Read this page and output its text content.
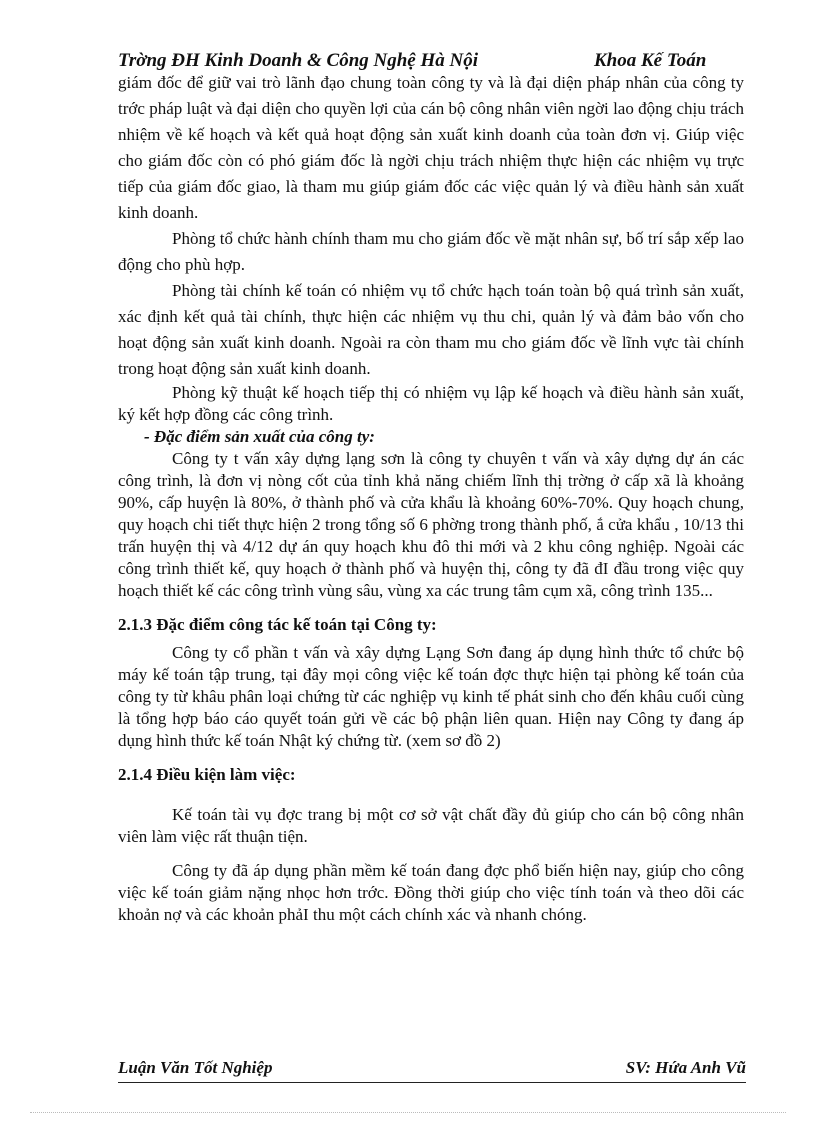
Trờng ĐH Kinh Doanh & Công Nghệ Hà Nội	Khoa Kế Toán

giám đốc để giữ vai trò lãnh đạo chung toàn công ty và là đại diện pháp nhân của công ty trớc pháp luật và đại diện cho quyền lợi của cán bộ công nhân viên ngời lao động chịu trách nhiệm về kế hoạch và kết quả hoạt động sản xuất kinh doanh của toàn đơn vị. Giúp việc cho giám đốc còn có phó giám đốc là ngời chịu trách nhiệm thực hiện các nhiệm vụ trực tiếp của giám đốc giao, là tham mu giúp giám đốc các việc quản lý và điều hành sản xuất kinh doanh.

Phòng tổ chức hành chính tham mu cho giám đốc về mặt nhân sự, bố trí sắp xếp lao động cho phù hợp.

Phòng tài chính kế toán có nhiệm vụ tổ chức hạch toán toàn bộ quá trình sản xuất, xác định kết quả tài chính, thực hiện các nhiệm vụ thu chi, quản lý và đảm bảo vốn cho hoạt động sản xuất kinh doanh. Ngoài ra còn tham mu cho giám đốc về lĩnh vực tài chính trong hoạt động sản xuất kinh doanh.

Phòng kỹ thuật kế hoạch tiếp thị có nhiệm vụ lập kế hoạch và điều hành sản xuất, ký kết hợp đồng các công trình.

- Đặc điểm sản xuất của công ty:

Công ty t vấn xây dựng lạng sơn là công ty chuyên t vấn và xây dựng dự án các công trình, là đơn vị nòng cốt của tỉnh khả năng chiếm lĩnh thị trờng ở cấp xã là khoảng 90%, cấp huyện là 80%, ở thành phố và cửa khẩu là khoảng 60%-70%. Quy hoạch chung, quy hoạch chi tiết thực hiện 2 trong tổng số 6 phờng trong thành phố, ắ cửa khẩu , 10/13 thi trấn huyện thị và 4/12 dự án quy hoạch khu đô thi mới và 2 khu công nghiệp. Ngoài các công trình thiết kế, quy hoạch ở thành phố và huyện thị, công ty đã đI đầu trong việc quy hoạch thiết kế các công trình vùng sâu, vùng xa các trung tâm cụm xã, công trình 135...

2.1.3 Đặc điểm công tác kế toán tại Công ty:

Công ty cổ phần t vấn và xây dựng Lạng Sơn đang áp dụng hình thức tổ chức bộ máy kế toán tập trung, tại đây mọi công việc kế toán đợc thực hiện tại phòng kế toán của công ty từ khâu phân loại chứng từ các nghiệp vụ kinh tế phát sinh cho đến khâu cuối cùng là tổng hợp báo cáo quyết toán gửi về các bộ phận liên quan. Hiện nay Công ty đang áp dụng hình thức kế toán Nhật ký chứng từ. (xem sơ đồ 2)

2.1.4 Điều kiện làm việc:

Kế toán tài vụ đợc trang bị một cơ sở vật chất đầy đủ giúp cho cán bộ công nhân viên làm việc rất thuận tiện.

Công ty đã áp dụng phần mềm kế toán đang đợc phổ biến hiện nay, giúp cho công việc kế toán giảm nặng nhọc hơn trớc. Đồng thời giúp cho việc tính toán và theo dõi các khoản nợ và các khoản phảI thu một cách chính xác và nhanh chóng.

Luận Văn Tốt Nghiệp	SV: Hứa Anh Vũ
